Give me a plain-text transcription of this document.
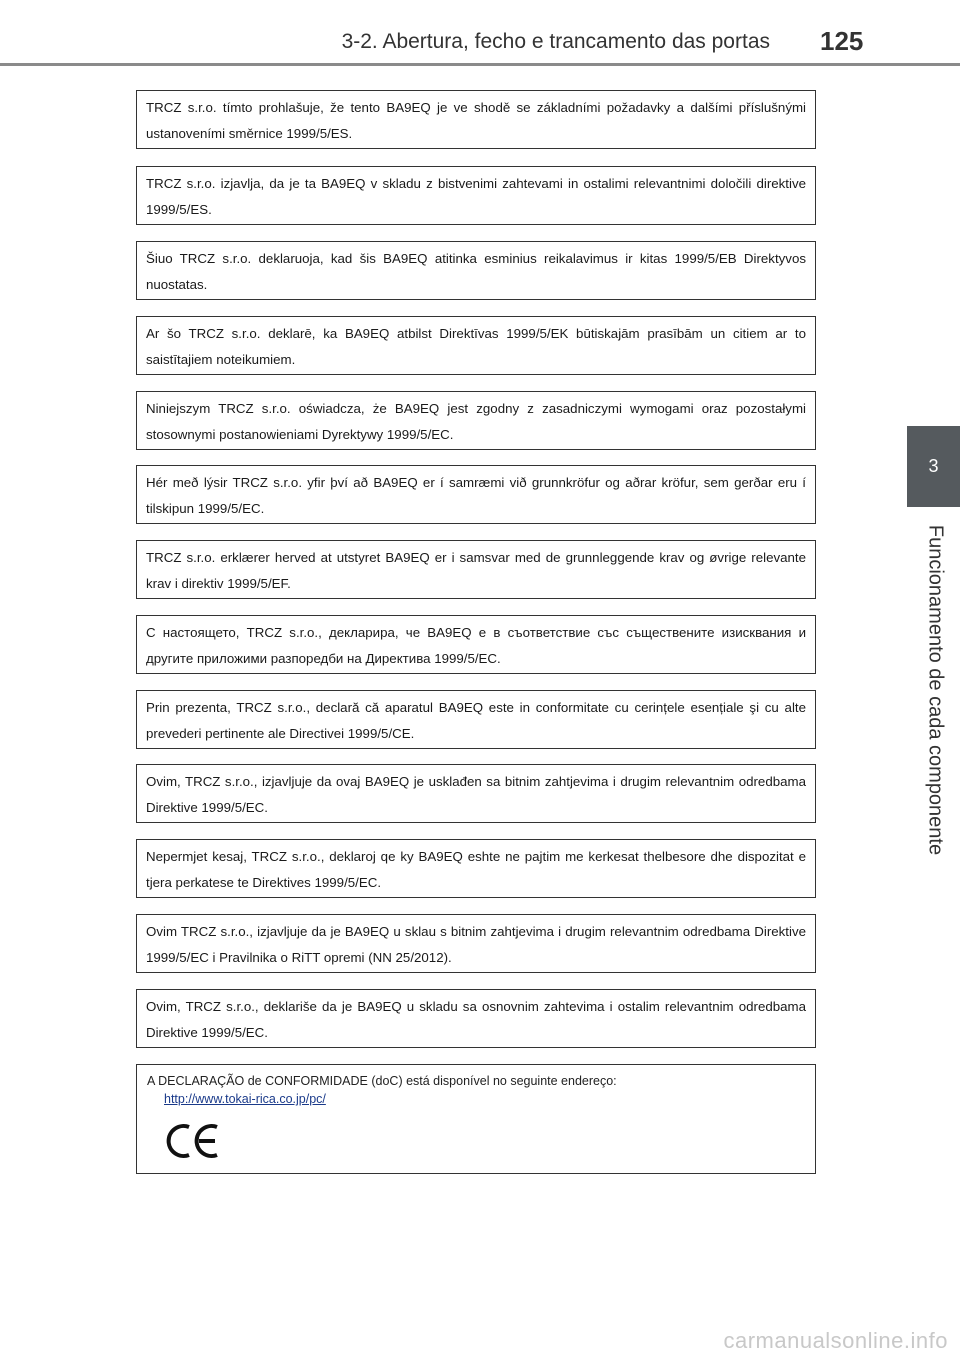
3-2. Abertura, fecho e trancamento das portas 125
3
Funcionamento de cada componente
TRCZ s.r.o. tímto prohlašuje, že tento BA9EQ je ve shodě se základními požadavky a dalšími příslušnými ustanoveními směrnice 1999/5/ES.
TRCZ s.r.o. izjavlja, da je ta BA9EQ v skladu z bistvenimi zahtevami in ostalimi relevantnimi določili direktive 1999/5/ES.
Šiuo TRCZ s.r.o. deklaruoja, kad šis BA9EQ atitinka esminius reikalavimus ir kitas 1999/5/EB Direktyvos nuostatas.
Ar šo TRCZ s.r.o. deklarē, ka BA9EQ atbilst Direktīvas 1999/5/EK būtiskajām prasībām un citiem ar to saistītajiem noteikumiem.
Niniejszym TRCZ s.r.o. oświadcza, że BA9EQ jest zgodny z zasadniczymi wymogami oraz pozostałymi stosownymi postanowieniami Dyrektywy 1999/5/EC.
Hér með lýsir TRCZ s.r.o. yfir því að BA9EQ er í samræmi við grunnkröfur og aðrar kröfur, sem gerðar eru í tilskipun 1999/5/EC.
TRCZ s.r.o. erklærer herved at utstyret BA9EQ er i samsvar med de grunnleggende krav og øvrige relevante krav i direktiv 1999/5/EF.
С настоящето, TRCZ s.r.o., декларира, че BA9EQ е в съответствие със съществените изисквания и другите приложими разпоредби на Директива 1999/5/ЕС.
Prin prezenta, TRCZ s.r.o., declară că aparatul BA9EQ este in conformitate cu cerințele esențiale şi cu alte prevederi pertinente ale Directivei 1999/5/CE.
Ovim, TRCZ s.r.o., izjavljuje da ovaj BA9EQ je usklađen sa bitnim zahtjevima i drugim relevantnim odredbama Direktive 1999/5/EC.
Nepermjet kesaj, TRCZ s.r.o., deklaroj qe ky BA9EQ eshte ne pajtim me kerkesat thelbesore dhe dispozitat e tjera perkatese te Direktives 1999/5/EC.
Ovim TRCZ s.r.o., izjavljuje da je BA9EQ u sklau s bitnim zahtjevima i drugim relevantnim odredbama Direktive 1999/5/EC i Pravilnika o RiTT opremi (NN 25/2012).
Ovim, TRCZ s.r.o., deklariše da je BA9EQ u skladu sa osnovnim zahtevima i ostalim relevantnim odredbama Direktive 1999/5/EC.
A DECLARAÇÃO de CONFORMIDADE (doC) está disponível no seguinte endereço:
http://www.tokai-rica.co.jp/pc/
carmanualsonline.info
